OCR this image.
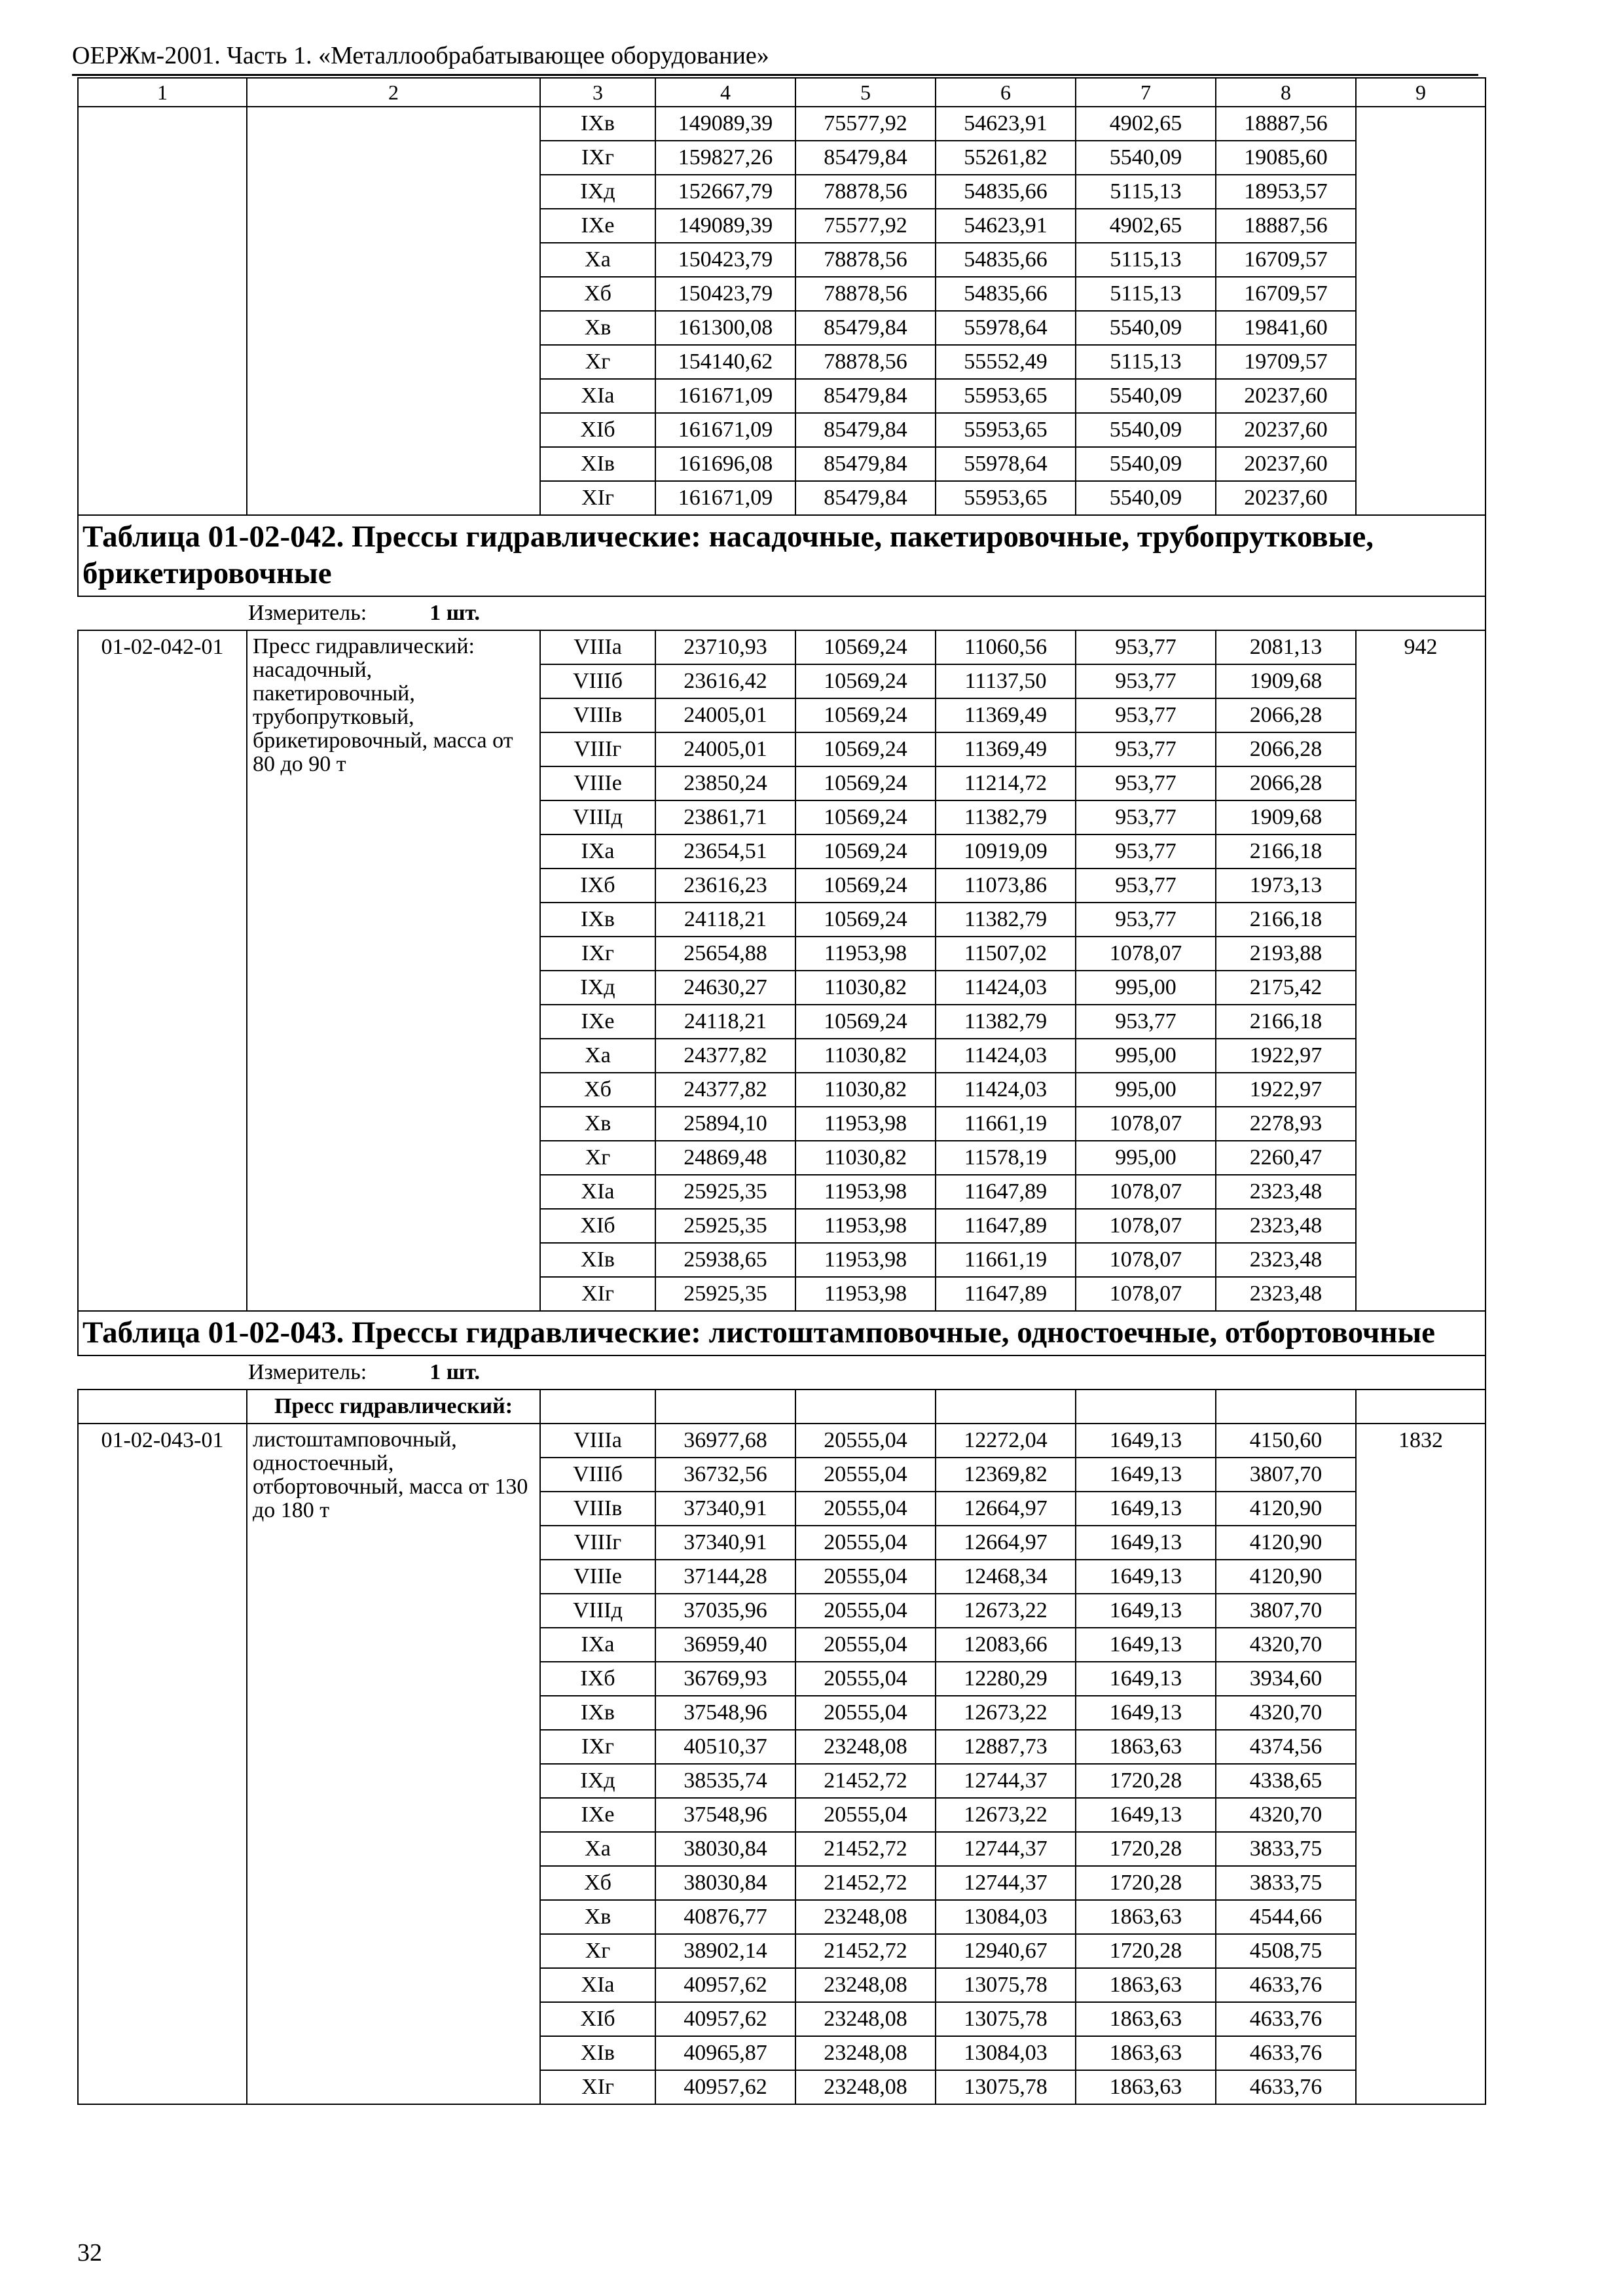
ОЕРЖм-2001. Часть 1. «Металлообрабатывающее оборудование»
1	2	3	4	5	6	7	8	9
		IXв	149089,39	75577,92	54623,91	4902,65	18887,56	
		IXг	159827,26	85479,84	55261,82	5540,09	19085,60	
		IXд	152667,79	78878,56	54835,66	5115,13	18953,57	
		IXe	149089,39	75577,92	54623,91	4902,65	18887,56	
		Xa	150423,79	78878,56	54835,66	5115,13	16709,57	
		Xб	150423,79	78878,56	54835,66	5115,13	16709,57	
		Xв	161300,08	85479,84	55978,64	5540,09	19841,60	
		Xг	154140,62	78878,56	55552,49	5115,13	19709,57	
		XIa	161671,09	85479,84	55953,65	5540,09	20237,60	
		XIб	161671,09	85479,84	55953,65	5540,09	20237,60	
		XIв	161696,08	85479,84	55978,64	5540,09	20237,60	
		XIг	161671,09	85479,84	55953,65	5540,09	20237,60	
Таблица 01-02-042. Прессы гидравлические: насадочные, пакетировочные, трубопрутковые, брикетировочные								
	Измеритель: 1 шт.							
01-02-042-01	Пресс гидравлический: насадочный, пакетировочный, трубопрутковый, брикетировочный, масса от 80 до 90 т	VIIIa	23710,93	10569,24	11060,56	953,77	2081,13	942
		VIIIб	23616,42	10569,24	11137,50	953,77	1909,68	
		VIIIв	24005,01	10569,24	11369,49	953,77	2066,28	
		VIIIг	24005,01	10569,24	11369,49	953,77	2066,28	
		VIIIe	23850,24	10569,24	11214,72	953,77	2066,28	
		VIIIд	23861,71	10569,24	11382,79	953,77	1909,68	
		IXa	23654,51	10569,24	10919,09	953,77	2166,18	
		IXб	23616,23	10569,24	11073,86	953,77	1973,13	
		IXв	24118,21	10569,24	11382,79	953,77	2166,18	
		IXг	25654,88	11953,98	11507,02	1078,07	2193,88	
		IXд	24630,27	11030,82	11424,03	995,00	2175,42	
		IXe	24118,21	10569,24	11382,79	953,77	2166,18	
		Xa	24377,82	11030,82	11424,03	995,00	1922,97	
		Xб	24377,82	11030,82	11424,03	995,00	1922,97	
		Xв	25894,10	11953,98	11661,19	1078,07	2278,93	
		Xг	24869,48	11030,82	11578,19	995,00	2260,47	
		XIa	25925,35	11953,98	11647,89	1078,07	2323,48	
		XIб	25925,35	11953,98	11647,89	1078,07	2323,48	
		XIв	25938,65	11953,98	11661,19	1078,07	2323,48	
		XIг	25925,35	11953,98	11647,89	1078,07	2323,48	
Таблица 01-02-043. Прессы гидравлические: листоштамповочные, одностоечные, отбортовочные								
	Измеритель: 1 шт.							
	Пресс гидравлический:							
01-02-043-01	листоштамповочный, одностоечный, отбортовочный, масса от 130 до 180 т	VIIIa	36977,68	20555,04	12272,04	1649,13	4150,60	1832
		VIIIб	36732,56	20555,04	12369,82	1649,13	3807,70	
		VIIIв	37340,91	20555,04	12664,97	1649,13	4120,90	
		VIIIг	37340,91	20555,04	12664,97	1649,13	4120,90	
		VIIIe	37144,28	20555,04	12468,34	1649,13	4120,90	
		VIIIд	37035,96	20555,04	12673,22	1649,13	3807,70	
		IXa	36959,40	20555,04	12083,66	1649,13	4320,70	
		IXб	36769,93	20555,04	12280,29	1649,13	3934,60	
		IXв	37548,96	20555,04	12673,22	1649,13	4320,70	
		IXг	40510,37	23248,08	12887,73	1863,63	4374,56	
		IXд	38535,74	21452,72	12744,37	1720,28	4338,65	
		IXe	37548,96	20555,04	12673,22	1649,13	4320,70	
		Xa	38030,84	21452,72	12744,37	1720,28	3833,75	
		Xб	38030,84	21452,72	12744,37	1720,28	3833,75	
		Xв	40876,77	23248,08	13084,03	1863,63	4544,66	
		Xг	38902,14	21452,72	12940,67	1720,28	4508,75	
		XIa	40957,62	23248,08	13075,78	1863,63	4633,76	
		XIб	40957,62	23248,08	13075,78	1863,63	4633,76	
		XIв	40965,87	23248,08	13084,03	1863,63	4633,76	
		XIг	40957,62	23248,08	13075,78	1863,63	4633,76	
32
